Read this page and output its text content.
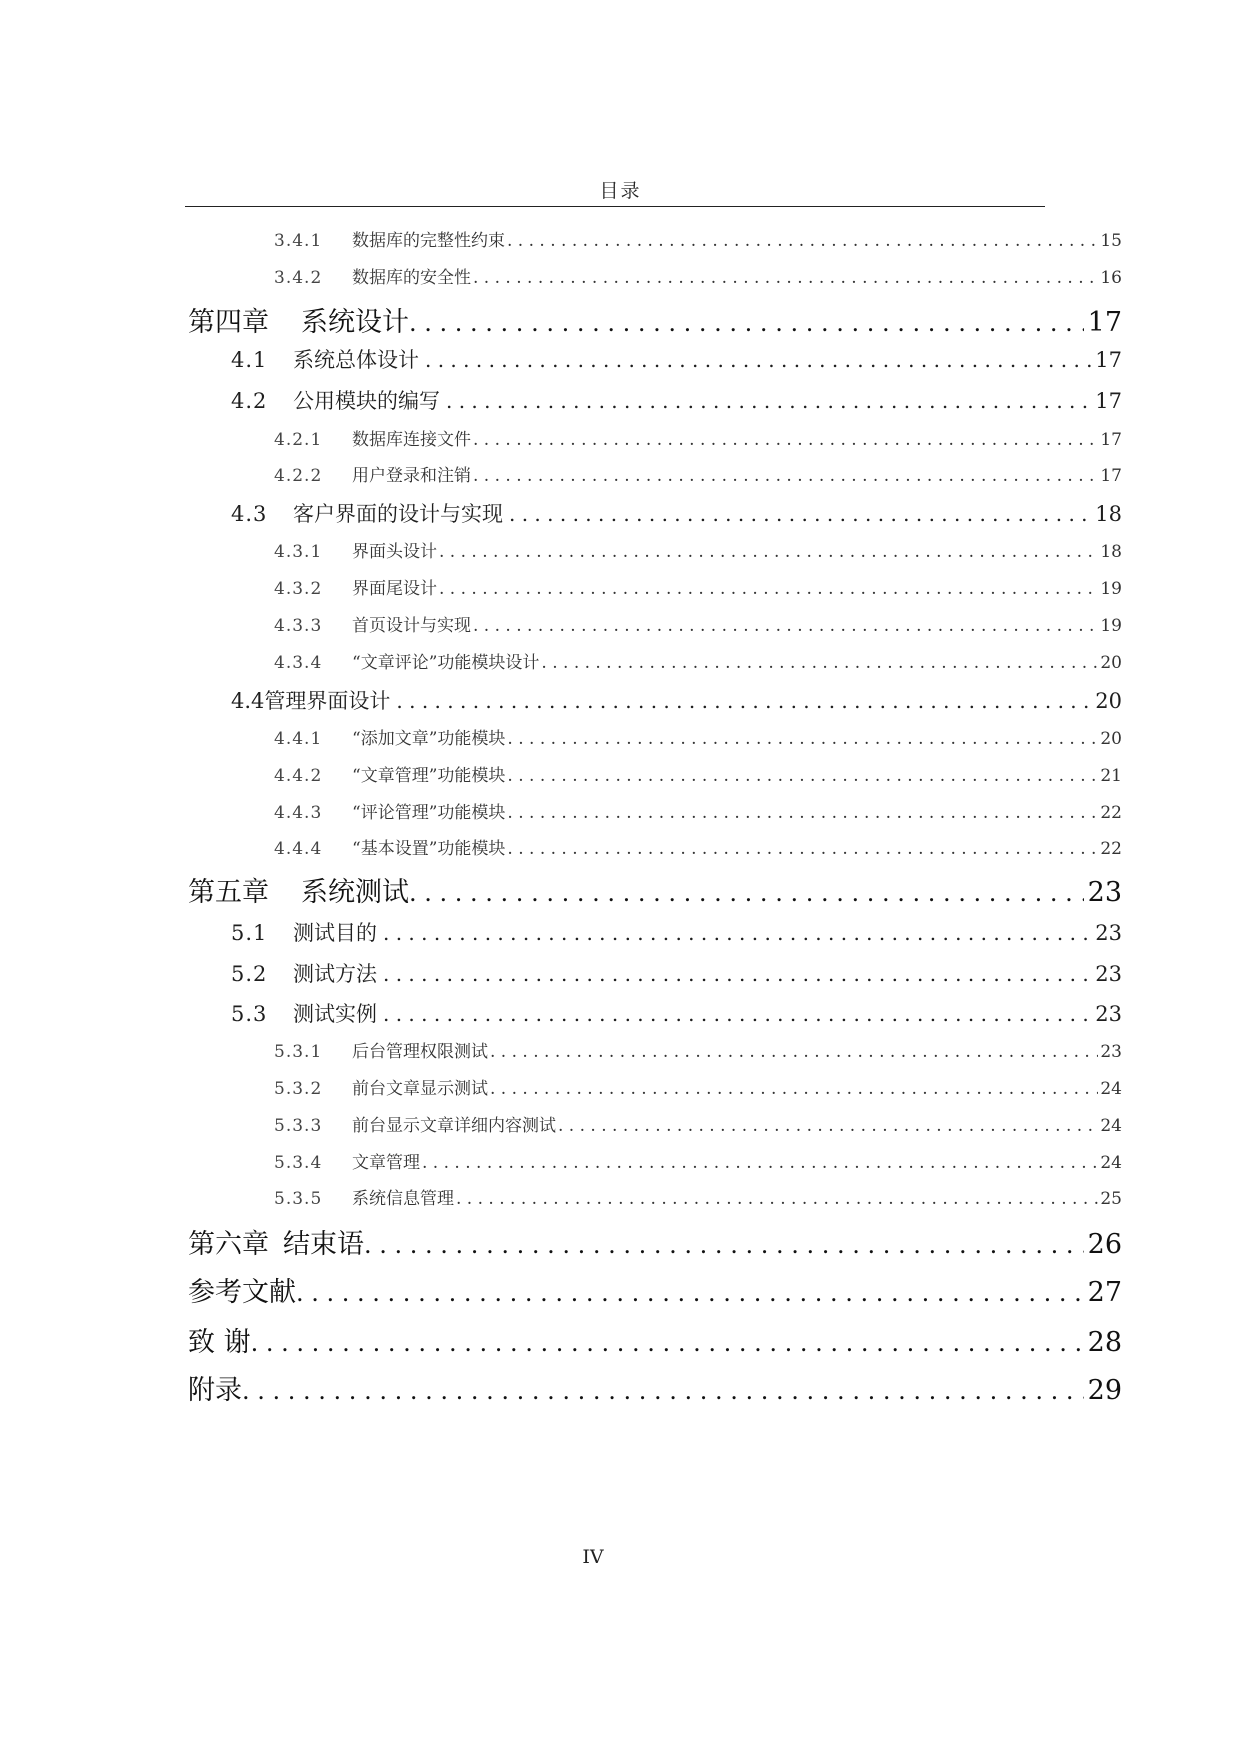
目录
3.4.1	数据库的完整性约束 . . .	15
3.4.2	数据库的安全性 . . .	16
第四章	系统设计 . . .	17
4.1	系统总体设计 . . .	17
4.2	公用模块的编写 . . .	17
4.2.1	数据库连接文件 . . .	17
4.2.2	用户登录和注销 . . .	17
4.3	客户界面的设计与实现 . . .	18
4.3.1	界面头设计 . . .	18
4.3.2	界面尾设计 . . .	19
4.3.3	首页设计与实现 . . .	19
4.3.4	“文章评论”功能模块设计 . . .	20
4.4 管理界面设计 . . .	20
4.4.1	“添加文章”功能模块 . . .	20
4.4.2	“文章管理”功能模块 . . .	21
4.4.3	“评论管理”功能模块 . . .	22
4.4.4	“基本设置”功能模块 . . .	22
第五章	系统测试 . . .	23
5.1	测试目的 . . .	23
5.2	测试方法 . . .	23
5.3	测试实例 . . .	23
5.3.1	后台管理权限测试 . . .	23
5.3.2	前台文章显示测试 . . .	24
5.3.3	前台显示文章详细内容测试 . . .	24
5.3.4	文章管理 . . .	24
5.3.5	系统信息管理 . . .	25
第六章 结束语 . . .	26
参考文献 . . .	27
致 谢 . . .	28
附录 . . .	29
IV
